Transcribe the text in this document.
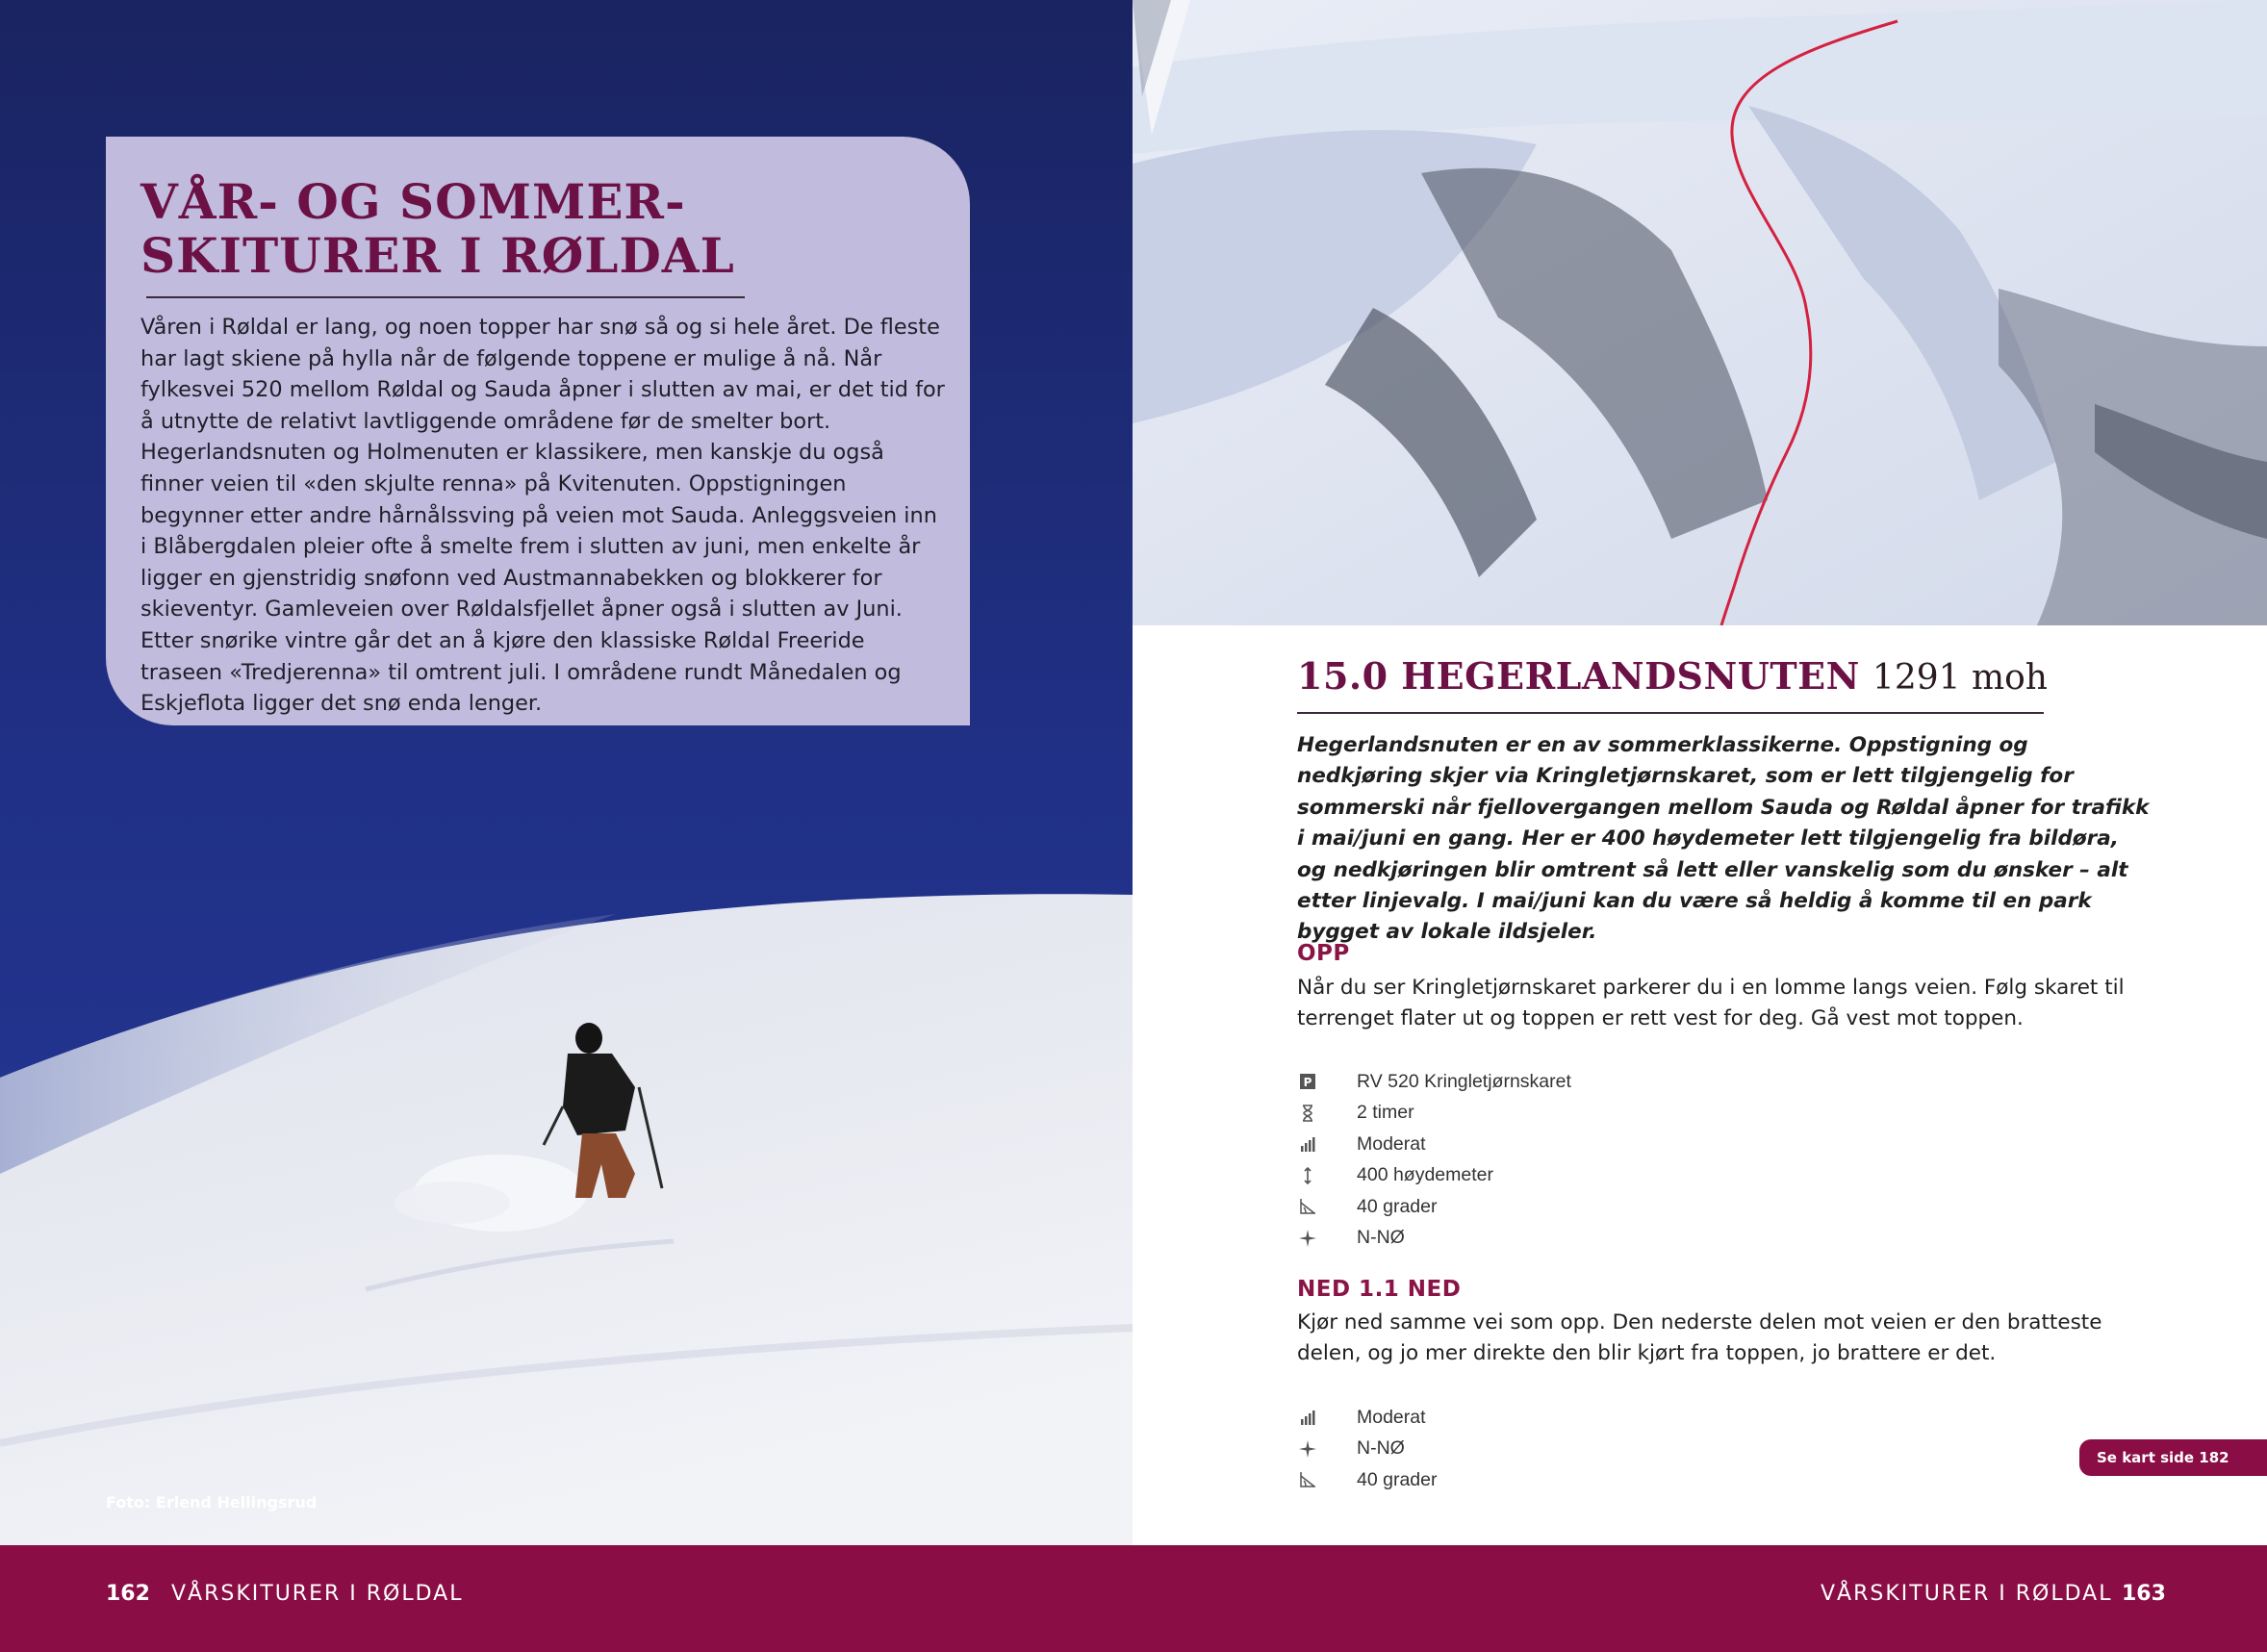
VÅR- OG SOMMER-
SKITURER I RØLDAL

Våren i Røldal er lang, og noen topper har snø så og si hele året. De fleste har lagt skiene på hylla når de følgende toppene er mulige å nå. Når fylkesvei 520 mellom Røldal og Sauda åpner i slutten av mai, er det tid for å utnytte de relativt lavtliggende områdene før de smelter bort. Hegerlandsnuten og Holmenuten er klassikere, men kanskje du også finner veien til «den skjulte renna» på Kvitenuten. Oppstigningen begynner etter andre hårnålssving på veien mot Sauda. Anleggsveien inn i Blåbergdalen pleier ofte å smelte frem i slutten av juni, men enkelte år ligger en gjenstridig snøfonn ved Austmannabekken og blokkerer for skieventyr. Gamleveien over Røldalsfjellet åpner også i slutten av Juni. Etter snørike vintre går det an å kjøre den klassiske Røldal Freeride traseen «Tredjerenna» til omtrent juli. I områdene rundt Månedalen og Eskjeflota ligger det snø enda lenger.

Foto: Erlend Hellingsrud
15.0 HEGERLANDSNUTEN 1291 moh

Hegerlandsnuten er en av sommerklassikerne. Oppstigning og nedkjøring skjer via Kringletjørnskaret, som er lett tilgjengelig for sommerski når fjellovergangen mellom Sauda og Røldal åpner for trafikk i mai/juni en gang. Her er 400 høydemeter lett tilgjengelig fra bildøra, og nedkjøringen blir omtrent så lett eller vanskelig som du ønsker – alt etter linjevalg. I mai/juni kan du være så heldig å komme til en park bygget av lokale ildsjeler.

OPP

Når du ser Kringletjørnskaret parkerer du i en lomme langs veien. Følg skaret til terrenget flater ut og toppen er rett vest for deg. Gå vest mot toppen.

P RV 520 Kringletjørnskaret
2 timer
Moderat
400 høydemeter
40 grader
N-NØ
NED 1.1 NED

Kjør ned samme vei som opp. Den nederste delen mot veien er den bratteste delen, og jo mer direkte den blir kjørt fra toppen, jo brattere er det.

Moderat
N-NØ
40 grader
Se kart side 182
162 VÅRSKITURER I RØLDAL	VÅRSKITURER I RØLDAL 163
